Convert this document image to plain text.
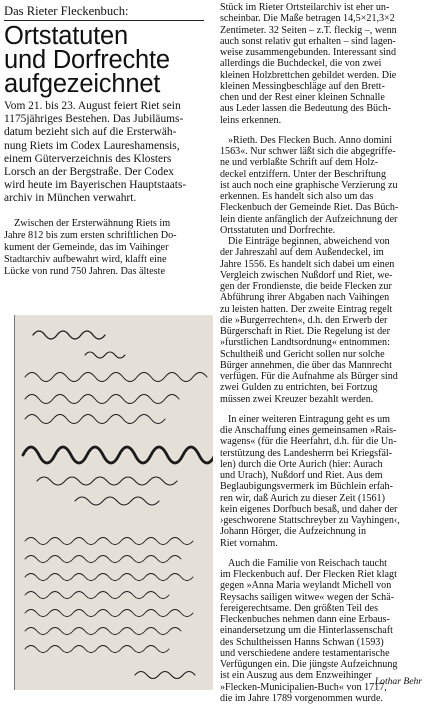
Das Rieter Fleckenbuch:
Ortstatuten
und Dorfrechte
aufgezeichnet
Vom 21. bis 23. August feiert Riet sein
1175jähriges Bestehen. Das Jubiläums-
datum bezieht sich auf die Ersterwäh-
nung Riets im Codex Laureshamensis,
einem Güterverzeichnis des Klosters
Lorsch an der Bergstraße. Der Codex
wird heute im Bayerischen Hauptstaats-
archiv in München verwahrt.
Zwischen der Ersterwähnung Riets im
Jahre 812 bis zum ersten schriftlichen Do-
kument der Gemeinde, das im Vaihinger
Stadtarchiv aufbewahrt wird, klafft eine
Lücke von rund 750 Jahren. Das älteste
Stück im Rieter Ortsteilarchiv ist eher un-
scheinbar. Die Maße betragen 14,5×21,3×2
Zentimeter. 32 Seiten – z.T. fleckig –, wenn
auch sonst relativ gut erhalten – sind lagen-
weise zusammengebunden. Interessant sind
allerdings die Buchdeckel, die von zwei
kleinen Holzbrettchen gebildet werden. Die
kleinen Messingbeschläge auf den Brett-
chen und der Rest einer kleinen Schnalle
aus Leder lassen die Bedeutung des Büch-
leins erkennen.
»Rieth. Des Flecken Buch. Anno domini
1563«. Nur schwer läßt sich die abgegriffe-
ne und verblaßte Schrift auf dem Holz-
deckel entziffern. Unter der Beschriftung
ist auch noch eine graphische Verzierung zu
erkennen. Es handelt sich also um das
Fleckenbuch der Gemeinde Riet. Das Büch-
lein diente anfänglich der Aufzeichnung der
Ortsstatuten und Dorfrechte.
Die Einträge beginnen, abweichend von
der Jahreszahl auf dem Außendeckel, im
Jahre 1556. Es handelt sich dabei um einen
Vergleich zwischen Nußdorf und Riet, we-
gen der Frondienste, die beide Flecken zur
Abführung ihrer Abgaben nach Vaihingen
zu leisten hatten. Der zweite Eintrag regelt
die »Burgerrechten«, d.h. den Erwerb der
Bürgerschaft in Riet. Die Regelung ist der
»furstlichen Landtsordnung« entnommen:
Schultheiß und Gericht sollen nur solche
Bürger annehmen, die über das Mannrecht
verfügen. Für die Aufnahme als Bürger sind
zwei Gulden zu entrichten, bei Fortzug
müssen zwei Kreuzer bezahlt werden.
In einer weiteren Eintragung geht es um
die Anschaffung eines gemeinsamen »Rais-
wagens« (für die Heerfahrt, d.h. für die Un-
terstützung des Landesherrn bei Kriegsfäl-
len) durch die Orte Aurich (hier: Aurach
und Urach), Nußdorf und Riet. Aus dem
Beglaubigungsvermerk im Büchlein erfah-
ren wir, daß Aurich zu dieser Zeit (1561)
kein eigenes Dorfbuch besaß, und daher der
›geschworene Stattschreyber zu Vayhingen‹,
Johann Hörger, die Aufzeichnung in
Riet vornahm.
Auch die Familie von Reischach taucht
im Fleckenbuch auf. Der Flecken Riet klagt
gegen »Anna Maria weylandt Michell von
Reysachs sailigen witwe« wegen der Schä-
fereigerechtsame. Den größten Teil des
Fleckenbuches nehmen dann eine Erbaus-
einandersetzung um die Hinterlassenschaft
des Schultheissen Hanns Schwan (1593)
und verschiedene andere testamentarische
Verfügungen ein. Die jüngste Aufzeichnung
ist ein Auszug aus dem Enzweihinger
»Flecken-Municipalien-Buch« von 1717,
die im Jahre 1789 vorgenommen wurde.
Lothar Behr
